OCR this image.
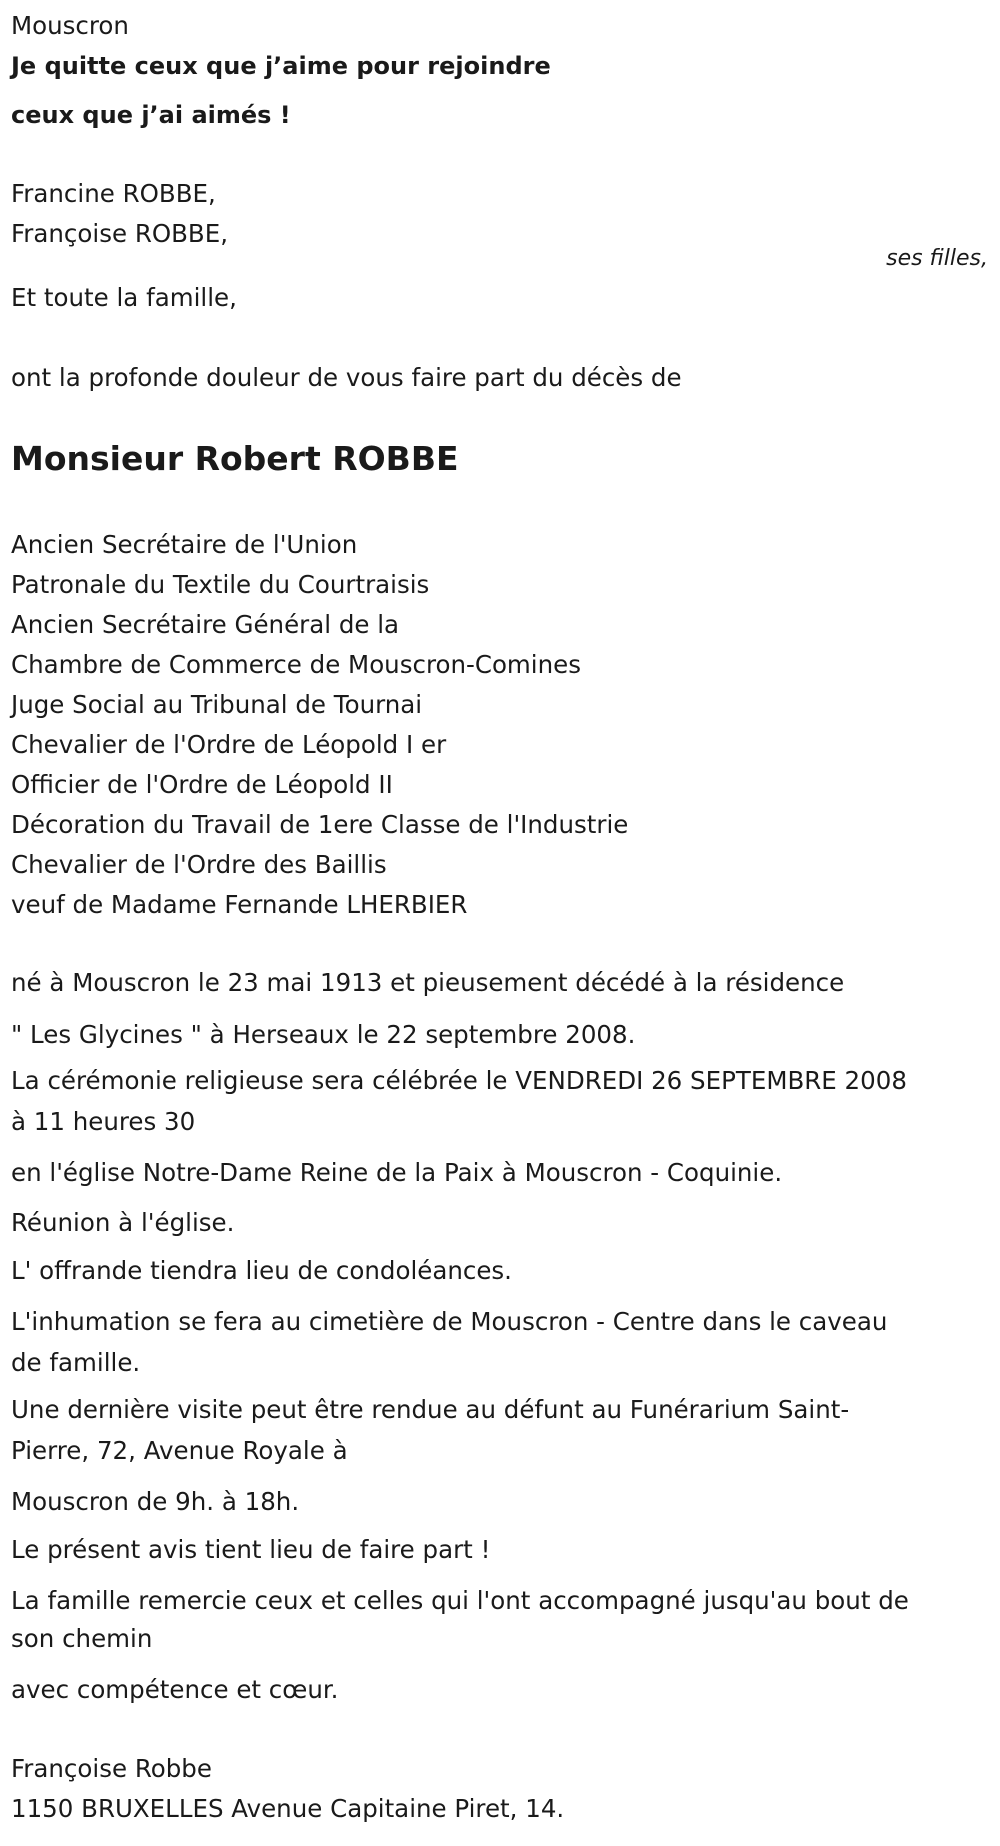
Mouscron
Je quitte ceux que j’aime pour rejoindre
ceux que j’ai aimés !
Francine ROBBE,
Françoise ROBBE,
ses filles,
Et toute la famille,
ont la profonde douleur de vous faire part du décès de
Monsieur Robert ROBBE
Ancien Secrétaire de l'Union
Patronale du Textile du Courtraisis
Ancien Secrétaire Général de la
Chambre de Commerce de Mouscron-Comines
Juge Social au Tribunal de Tournai
Chevalier de l'Ordre de Léopold I er
Officier de l'Ordre de Léopold II
Décoration du Travail de 1ere Classe de l'Industrie
Chevalier de l'Ordre des Baillis
veuf de Madame Fernande LHERBIER
né à Mouscron le 23 mai 1913 et pieusement décédé à la résidence
" Les Glycines " à Herseaux le 22 septembre 2008.
La cérémonie religieuse sera célébrée le VENDREDI 26 SEPTEMBRE 2008
à 11 heures 30
en l'église Notre-Dame Reine de la Paix à Mouscron - Coquinie.
Réunion à l'église.
L' offrande tiendra lieu de condoléances.
L'inhumation se fera au cimetière de Mouscron - Centre dans le caveau
de famille.
Une dernière visite peut être rendue au défunt au Funérarium Saint-
Pierre, 72, Avenue Royale à
Mouscron de 9h. à 18h.
Le présent avis tient lieu de faire part !
La famille remercie ceux et celles qui l'ont accompagné jusqu'au bout de
son chemin
avec compétence et cœur.
Françoise Robbe
1150 BRUXELLES Avenue Capitaine Piret, 14.
